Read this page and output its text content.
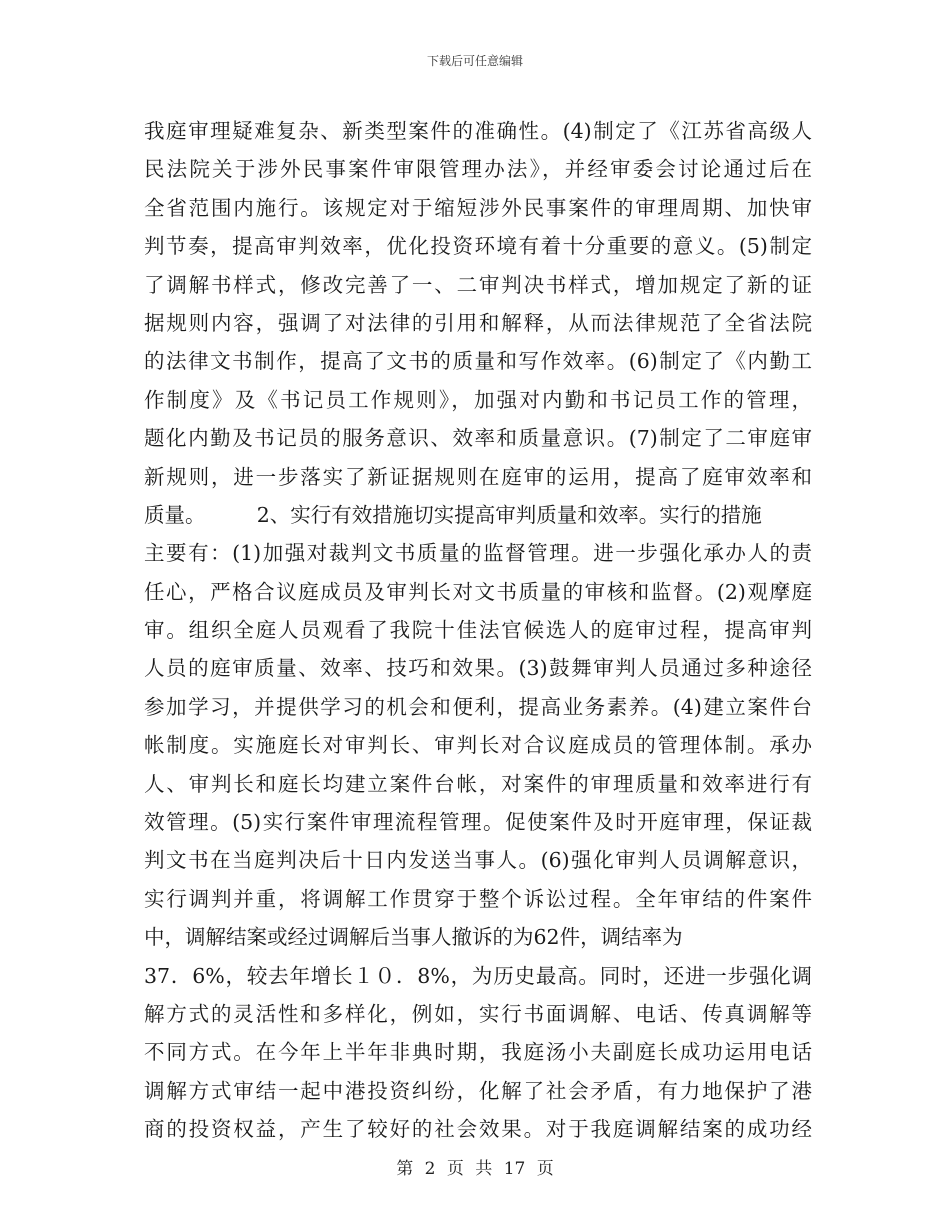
下载后可任意编辑
我庭审理疑难复杂、新类型案件的准确性。(4)制定了《江苏省高级人
民法院关于涉外民事案件审限管理办法》，并经审委会讨论通过后在
全省范围内施行。该规定对于缩短涉外民事案件的审理周期、加快审
判节奏，提高审判效率，优化投资环境有着十分重要的意义。(5)制定
了调解书样式，修改完善了一、二审判决书样式，增加规定了新的证
据规则内容，强调了对法律的引用和解释，从而法律规范了全省法院
的法律文书制作，提高了文书的质量和写作效率。(6)制定了《内勤工
作制度》及《书记员工作规则》，加强对内勤和书记员工作的管理，
题化内勤及书记员的服务意识、效率和质量意识。(7)制定了二审庭审
新规则，进一步落实了新证据规则在庭审的运用，提高了庭审效率和
质量。　　　2、实行有效措施切实提高审判质量和效率。实行的措施
主要有：(1)加强对裁判文书质量的监督管理。进一步强化承办人的责
任心，严格合议庭成员及审判长对文书质量的审核和监督。(2)观摩庭
审。组织全庭人员观看了我院十佳法官候选人的庭审过程，提高审判
人员的庭审质量、效率、技巧和效果。(3)鼓舞审判人员通过多种途径
参加学习，并提供学习的机会和便利，提高业务素养。(4)建立案件台
帐制度。实施庭长对审判长、审判长对合议庭成员的管理体制。承办
人、审判长和庭长均建立案件台帐，对案件的审理质量和效率进行有
效管理。(5)实行案件审理流程管理。促使案件及时开庭审理，保证裁
判文书在当庭判决后十日内发送当事人。(6)强化审判人员调解意识，
实行调判并重，将调解工作贯穿于整个诉讼过程。全年审结的件案件
中，调解结案或经过调解后当事人撤诉的为62件，调结率为
37．6%，较去年增长１０．8%，为历史最高。同时，还进一步强化调
解方式的灵活性和多样化，例如，实行书面调解、电话、传真调解等
不同方式。在今年上半年非典时期，我庭汤小夫副庭长成功运用电话
调解方式审结一起中港投资纠纷，化解了社会矛盾，有力地保护了港
商的投资权益，产生了较好的社会效果。对于我庭调解结案的成功经
第 2 页 共 17 页
